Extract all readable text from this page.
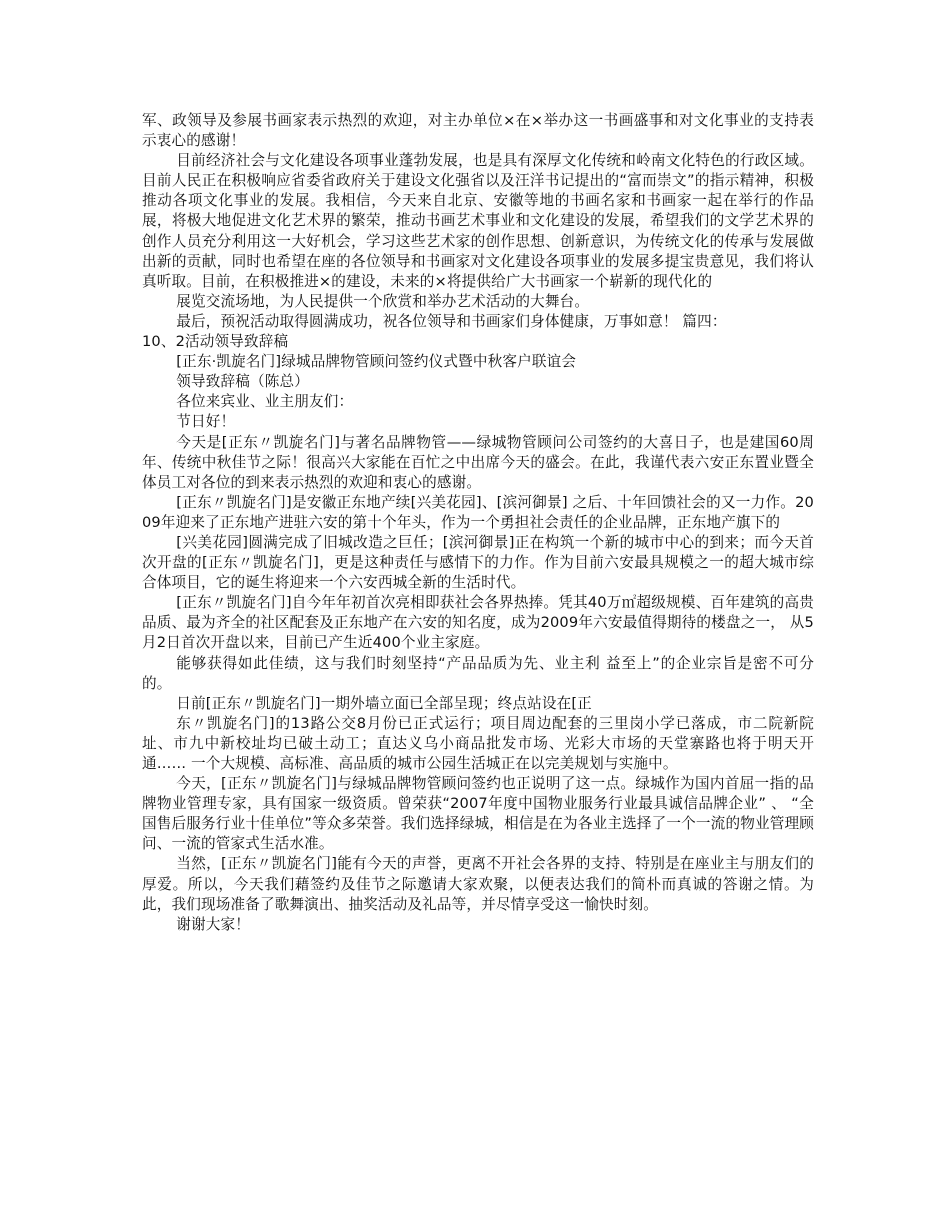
军、政领导及参展书画家表示热烈的欢迎，对主办单位×在×举办这一书画盛事和对文化事业的支持表示衷心的感谢！

目前经济社会与文化建设各项事业蓬勃发展，也是具有深厚文化传统和岭南文化特色的行政区域。目前人民正在积极响应省委省政府关于建设文化强省以及汪洋书记提出的“富而崇文”的指示精神，积极推动各项文化事业的发展。我相信，今天来自北京、安徽等地的书画名家和书画家一起在举行的作品展，将极大地促进文化艺术界的繁荣，推动书画艺术事业和文化建设的发展，希望我们的文学艺术界的创作人员充分利用这一大好机会，学习这些艺术家的创作思想、创新意识，为传统文化的传承与发展做出新的贡献，同时也希望在座的各位领导和书画家对文化建设各项事业的发展多提宝贵意见，我们将认真听取。目前，在积极推进×的建设，未来的×将提供给广大书画家一个崭新的现代化的

展览交流场地，为人民提供一个欣赏和举办艺术活动的大舞台。

最后，预祝活动取得圆满成功，祝各位领导和书画家们身体健康，万事如意！ 篇四：

10、2活动领导致辞稿

[正东·凯旋名门]绿城品牌物管顾问签约仪式暨中秋客户联谊会

领导致辞稿（陈总）

各位来宾业、业主朋友们：

节日好！

今天是[正东〃凯旋名门]与著名品牌物管——绿城物管顾问公司签约的大喜日子，也是建国60周年、传统中秋佳节之际！很高兴大家能在百忙之中出席今天的盛会。在此，我谨代表六安正东置业暨全体员工对各位的到来表示热烈的欢迎和衷心的感谢。

[正东〃凯旋名门]是安徽正东地产续[兴美花园]、[滨河御景] 之后、十年回馈社会的又一力作。2009年迎来了正东地产进驻六安的第十个年头，作为一个勇担社会责任的企业品牌，正东地产旗下的

[兴美花园]圆满完成了旧城改造之巨任；[滨河御景]正在构筑一个新的城市中心的到来；而今天首次开盘的[正东〃凯旋名门]，更是这种责任与感情下的力作。作为目前六安最具规模之一的超大城市综合体项目，它的诞生将迎来一个六安西城全新的生活时代。

[正东〃凯旋名门]自今年年初首次亮相即获社会各界热捧。凭其40万㎡超级规模、百年建筑的高贵品质、最为齐全的社区配套及正东地产在六安的知名度，成为2009年六安最值得期待的楼盘之一， 从5月2日首次开盘以来，目前已产生近400个业主家庭。

能够获得如此佳绩，这与我们时刻坚持“产品品质为先、业主利 益至上”的企业宗旨是密不可分的。

日前[正东〃凯旋名门]一期外墙立面已全部呈现；终点站设在[正

东〃凯旋名门]的13路公交8月份已正式运行；项目周边配套的三里岗小学已落成，市二院新院址、市九中新校址均已破土动工；直达义乌小商品批发市场、光彩大市场的天堂寨路也将于明天开通…… 一个大规模、高标准、高品质的城市公园生活城正在以完美规划与实施中。

今天，[正东〃凯旋名门]与绿城品牌物管顾问签约也正说明了这一点。绿城作为国内首屈一指的品牌物业管理专家，具有国家一级资质。曾荣获“2007年度中国物业服务行业最具诚信品牌企业” 、 “全国售后服务行业十佳单位”等众多荣誉。我们选择绿城，相信是在为各业主选择了一个一流的物业管理顾问、一流的管家式生活水准。

当然，[正东〃凯旋名门]能有今天的声誉，更离不开社会各界的支持、特别是在座业主与朋友们的厚爱。所以，今天我们藉签约及佳节之际邀请大家欢聚，以便表达我们的简朴而真诚的答谢之情。为此，我们现场准备了歌舞演出、抽奖活动及礼品等，并尽情享受这一愉快时刻。

谢谢大家！
